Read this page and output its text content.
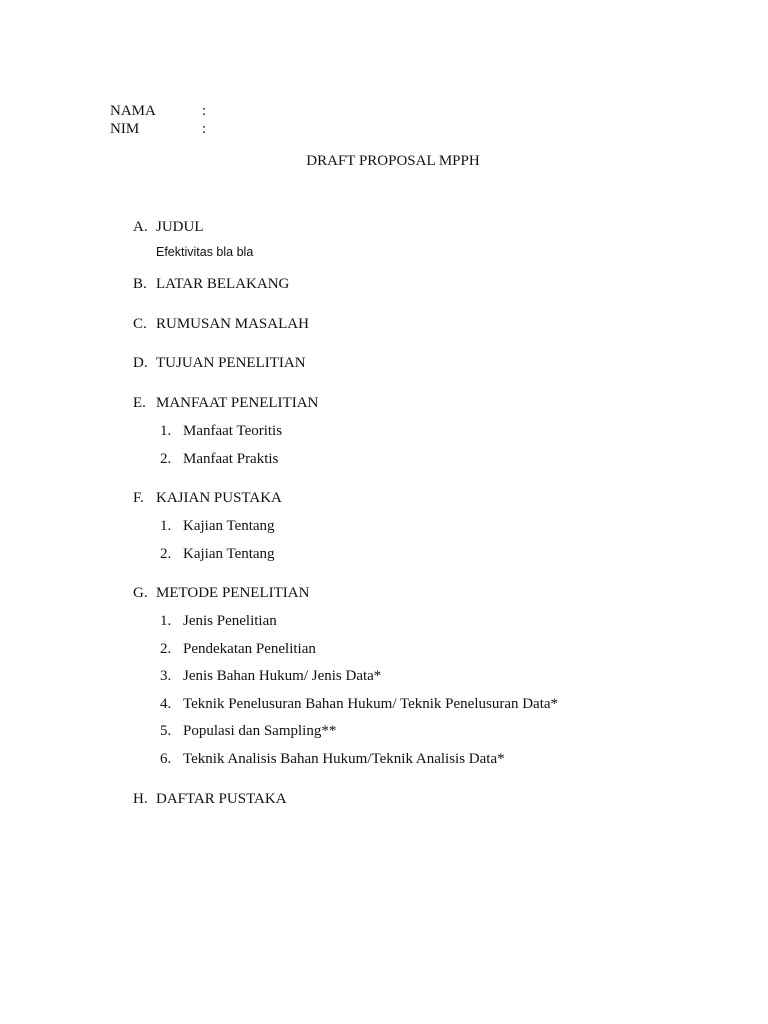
NAMA	:
NIM	:
DRAFT PROPOSAL MPPH
A. JUDUL
Efektivitas bla bla
B. LATAR BELAKANG
C. RUMUSAN MASALAH
D. TUJUAN PENELITIAN
E. MANFAAT PENELITIAN
1. Manfaat Teoritis
2. Manfaat Praktis
F. KAJIAN PUSTAKA
1. Kajian Tentang
2. Kajian Tentang
G. METODE PENELITIAN
1. Jenis Penelitian
2. Pendekatan Penelitian
3. Jenis Bahan Hukum/ Jenis Data*
4. Teknik Penelusuran Bahan Hukum/ Teknik Penelusuran Data*
5. Populasi dan Sampling**
6. Teknik Analisis Bahan Hukum/Teknik Analisis Data*
H. DAFTAR PUSTAKA
